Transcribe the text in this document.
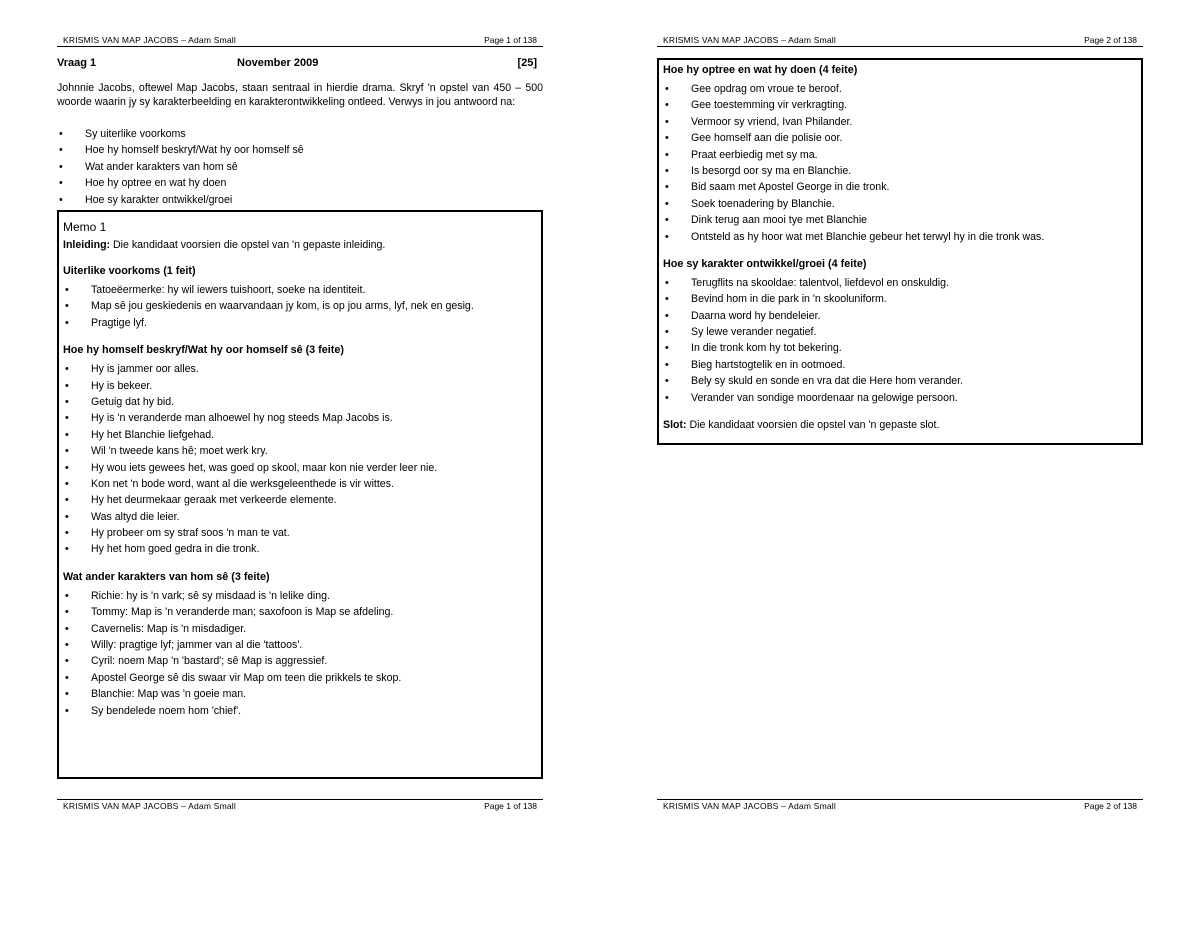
KRISMIS VAN MAP JACOBS – Adam Small	Page 1 of 138
Vraag 1	November 2009	[25]
Johnnie Jacobs, oftewel Map Jacobs, staan sentraal in hierdie drama. Skryf 'n opstel van 450 – 500 woorde waarin jy sy karakterbeelding en karakterontwikkeling ontleed. Verwys in jou antwoord na:
• Sy uiterlike voorkoms
• Hoe hy homself beskryf/Wat hy oor homself sê
• Wat ander karakters van hom sê
• Hoe hy optree en wat hy doen
• Hoe sy karakter ontwikkel/groei
Memo 1

Inleiding: Die kandidaat voorsien die opstel van 'n gepaste inleiding.

Uiterlike voorkoms (1 feit)
• Tatoeëermerke: hy wil iewers tuishoort, soeke na identiteit.
• Map sê jou geskiedenis en waarvandaan jy kom, is op jou arms, lyf, nek en gesig.
• Pragtige lyf.
Hoe hy homself beskryf/Wat hy oor homself sê (3 feite)
• Hy is jammer oor alles.
• Hy is bekeer.
• Getuig dat hy bid.
• Hy is 'n veranderde man alhoewel hy nog steeds Map Jacobs is.
• Hy het Blanchie liefgehad.
• Wil 'n tweede kans hê; moet werk kry.
• Hy wou iets gewees het, was goed op skool, maar kon nie verder leer nie.
• Kon net 'n bode word, want al die werksgeleenthede is vir wittes.
• Hy het deurmekaar geraak met verkeerde elemente.
• Was altyd die leier.
• Hy probeer om sy straf soos 'n man te vat.
• Hy het hom goed gedra in die tronk.
Wat ander karakters van hom sê (3 feite)
• Richie: hy is 'n vark; sê sy misdaad is 'n lelike ding.
• Tommy: Map is 'n veranderde man; saxofoon is Map se afdeling.
• Cavernelis: Map is 'n misdadiger.
• Willy: pragtige lyf; jammer van al die 'tattoos'.
• Cyril: noem Map 'n 'bastard'; sê Map is aggressief.
• Apostel George sê dis swaar vir Map om teen die prikkels te skop.
• Blanchie: Map was 'n goeie man.
• Sy bendelede noem hom 'chief'.
KRISMIS VAN MAP JACOBS – Adam Small	Page 1 of 138
KRISMIS VAN MAP JACOBS – Adam Small	Page 2 of 138
Hoe hy optree en wat hy doen (4 feite)
• Gee opdrag om vroue te beroof.
• Gee toestemming vir verkragting.
• Vermoor sy vriend, Ivan Philander.
• Gee homself aan die polisie oor.
• Praat eerbiedig met sy ma.
• Is besorgd oor sy ma en Blanchie.
• Bid saam met Apostel George in die tronk.
• Soek toenadering by Blanchie.
• Dink terug aan mooi tye met Blanchie
• Ontsteld as hy hoor wat met Blanchie gebeur het terwyl hy in die tronk was.
Hoe sy karakter ontwikkel/groei (4 feite)
• Terugflits na skooldae: talentvol, liefdevol en onskuldig.
• Bevind hom in die park in 'n skooluniform.
• Daarna word hy bendeleier.
• Sy lewe verander negatief.
• In die tronk kom hy tot bekering.
• Bieg hartstogtelik en in ootmoed.
• Bely sy skuld en sonde en vra dat die Here hom verander.
• Verander van sondige moordenaar na gelowige persoon.

Slot: Die kandidaat voorsien die opstel van 'n gepaste slot.

KRISMIS VAN MAP JACOBS – Adam Small	Page 2 of 138
